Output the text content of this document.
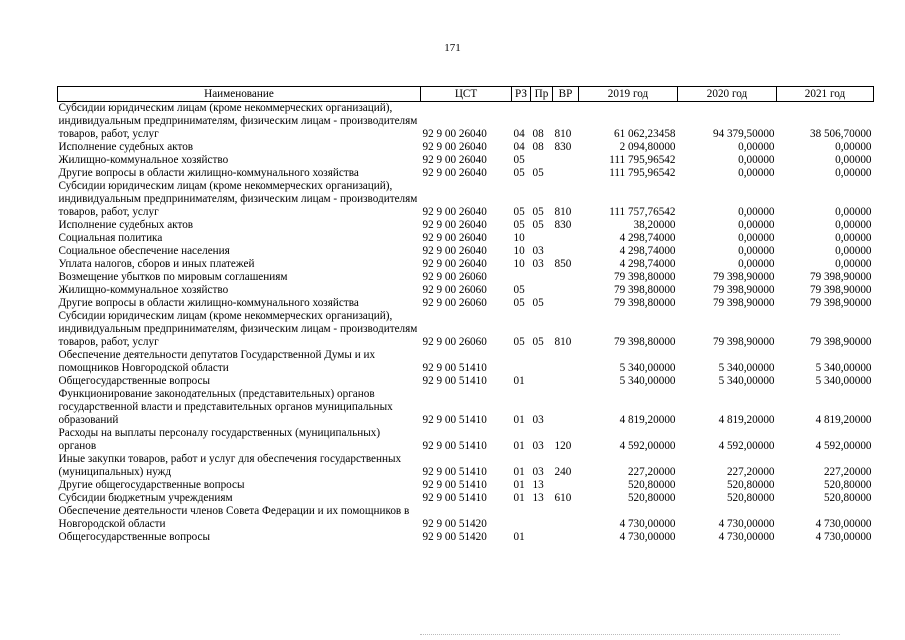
171
Наименование	ЦСТ	РЗ	Пр	ВР	2019 год	2020 год	2021 год
Субсидии юридическим лицам (кроме некоммерческих организаций), индивидуальным предпринимателям, физическим лицам - производителям товаров, работ, услуг	92 9 00 26040	04	08	810	61 062,23458	94 379,50000	38 506,70000
Исполнение судебных актов	92 9 00 26040	04	08	830	2 094,80000	0,00000	0,00000
Жилищно-коммунальное хозяйство	92 9 00 26040	05			111 795,96542	0,00000	0,00000
Другие вопросы в области жилищно-коммунального хозяйства	92 9 00 26040	05	05		111 795,96542	0,00000	0,00000
Субсидии юридическим лицам (кроме некоммерческих организаций), индивидуальным предпринимателям, физическим лицам - производителям товаров, работ, услуг	92 9 00 26040	05	05	810	111 757,76542	0,00000	0,00000
Исполнение судебных актов	92 9 00 26040	05	05	830	38,20000	0,00000	0,00000
Социальная политика	92 9 00 26040	10			4 298,74000	0,00000	0,00000
Социальное обеспечение населения	92 9 00 26040	10	03		4 298,74000	0,00000	0,00000
Уплата налогов, сборов и иных платежей	92 9 00 26040	10	03	850	4 298,74000	0,00000	0,00000
Возмещение убытков по мировым соглашениям	92 9 00 26060				79 398,80000	79 398,90000	79 398,90000
Жилищно-коммунальное хозяйство	92 9 00 26060	05			79 398,80000	79 398,90000	79 398,90000
Другие вопросы в области жилищно-коммунального хозяйства	92 9 00 26060	05	05		79 398,80000	79 398,90000	79 398,90000
Субсидии юридическим лицам (кроме некоммерческих организаций), индивидуальным предпринимателям, физическим лицам - производителям товаров, работ, услуг	92 9 00 26060	05	05	810	79 398,80000	79 398,90000	79 398,90000
Обеспечение деятельности депутатов Государственной Думы и их помощников Новгородской области	92 9 00 51410				5 340,00000	5 340,00000	5 340,00000
Общегосударственные вопросы	92 9 00 51410	01			5 340,00000	5 340,00000	5 340,00000
Функционирование законодательных (представительных) органов государственной власти и представительных органов муниципальных образований	92 9 00 51410	01	03		4 819,20000	4 819,20000	4 819,20000
Расходы на выплаты персоналу государственных (муниципальных) органов	92 9 00 51410	01	03	120	4 592,00000	4 592,00000	4 592,00000
Иные закупки товаров, работ и услуг для обеспечения государственных (муниципальных) нужд	92 9 00 51410	01	03	240	227,20000	227,20000	227,20000
Другие общегосударственные вопросы	92 9 00 51410	01	13		520,80000	520,80000	520,80000
Субсидии бюджетным учреждениям	92 9 00 51410	01	13	610	520,80000	520,80000	520,80000
Обеспечение деятельности членов Совета Федерации и их помощников в Новгородской области	92 9 00 51420				4 730,00000	4 730,00000	4 730,00000
Общегосударственные вопросы	92 9 00 51420	01			4 730,00000	4 730,00000	4 730,00000
